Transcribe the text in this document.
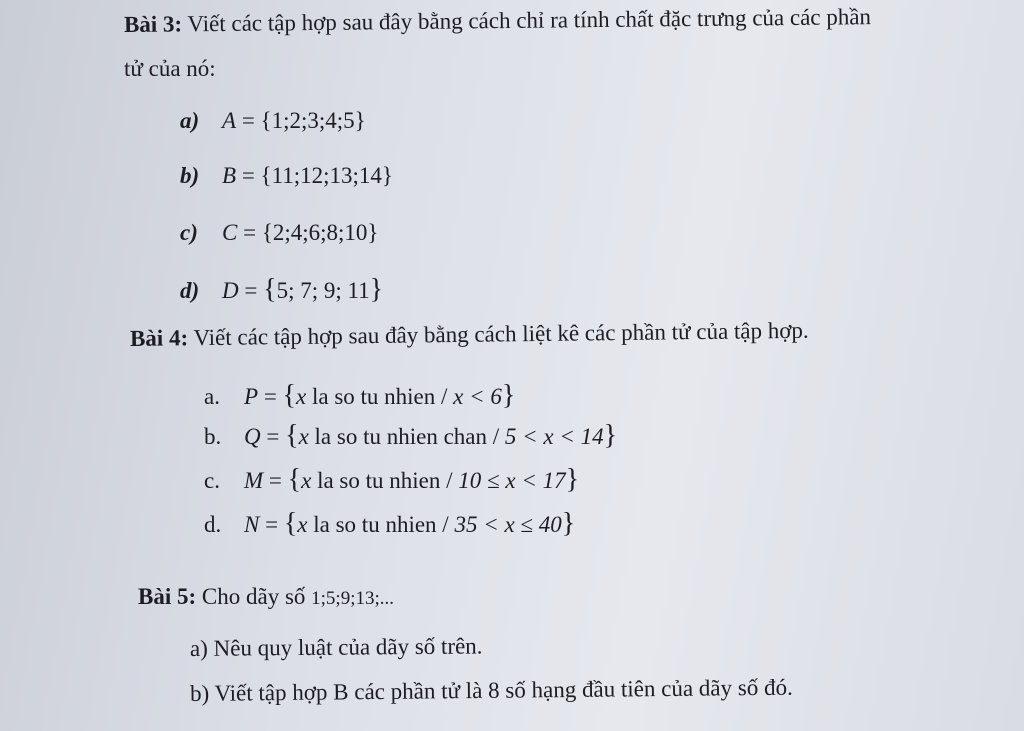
Bài 3: Viết các tập hợp sau đây bằng cách chỉ ra tính chất đặc trưng của các phần
tử của nó:
a) A = {1;2;3;4;5}
b) B = {11;12;13;14}
c) C = {2;4;6;8;10}
d) D = {5; 7; 9; 11}
Bài 4: Viết các tập hợp sau đây bằng cách liệt kê các phần tử của tập hợp.
a. P = {x la so tu nhien / x < 6}
b. Q = {x la so tu nhien chan / 5 < x < 14}
c. M = {x la so tu nhien / 10 ≤ x < 17}
d. N = {x la so tu nhien / 35 < x ≤ 40}
Bài 5: Cho dãy số 1;5;9;13;...
a) Nêu quy luật của dãy số trên.
b) Viết tập hợp B các phần tử là 8 số hạng đầu tiên của dãy số đó.
